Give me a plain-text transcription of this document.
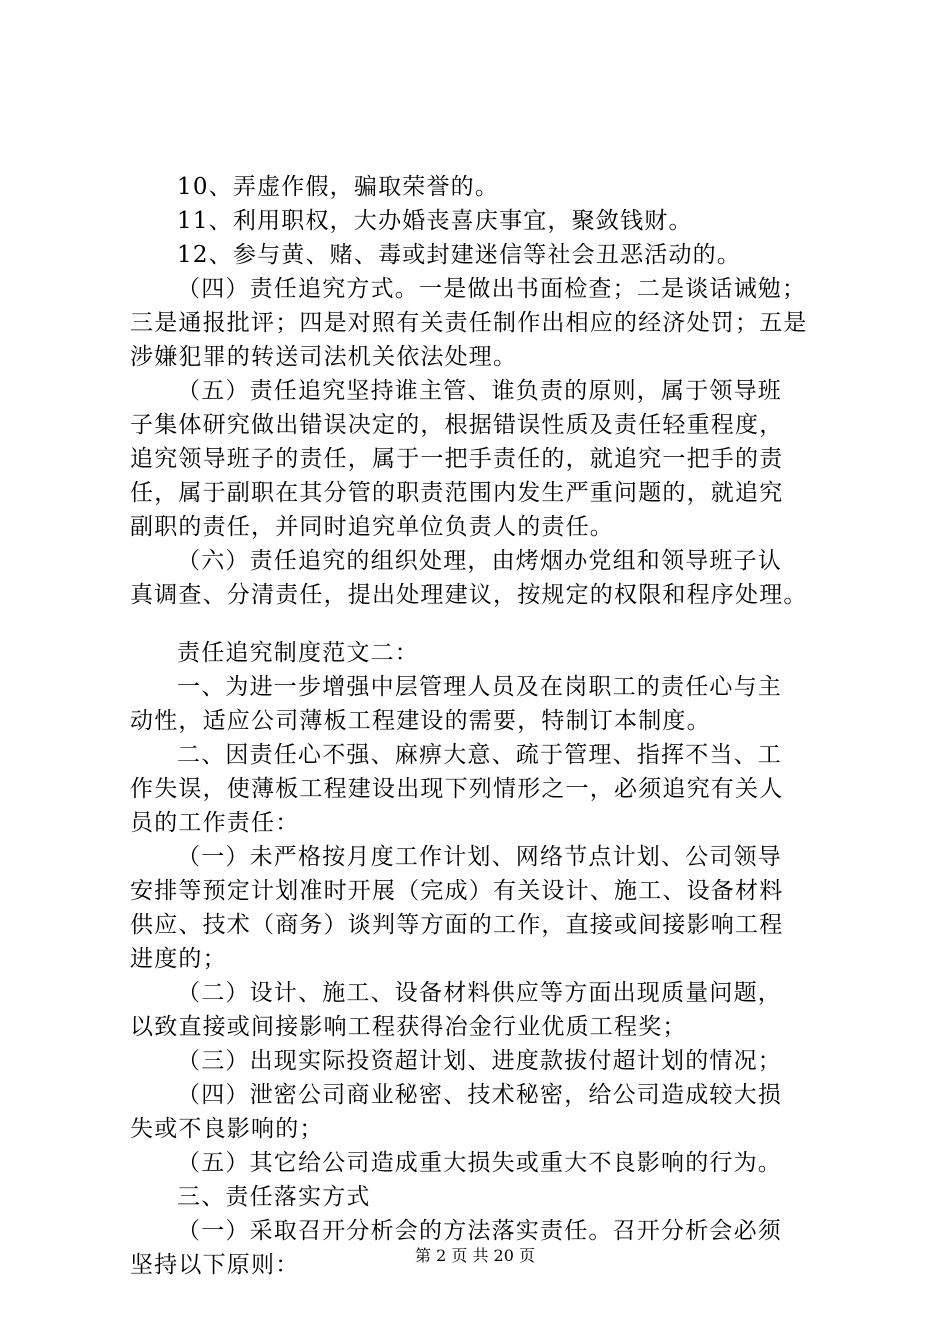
10、弄虚作假，骗取荣誉的。
11、利用职权，大办婚丧喜庆事宜，聚敛钱财。
12、参与黄、赌、毒或封建迷信等社会丑恶活动的。
（四）责任追究方式。一是做出书面检查；二是谈话诫勉；
三是通报批评；四是对照有关责任制作出相应的经济处罚；五是
涉嫌犯罪的转送司法机关依法处理。
（五）责任追究坚持谁主管、谁负责的原则，属于领导班
子集体研究做出错误决定的，根据错误性质及责任轻重程度，
追究领导班子的责任，属于一把手责任的，就追究一把手的责
任，属于副职在其分管的职责范围内发生严重问题的，就追究
副职的责任，并同时追究单位负责人的责任。
（六）责任追究的组织处理，由烤烟办党组和领导班子认
真调查、分清责任，提出处理建议，按规定的权限和程序处理。
责任追究制度范文二：
一、为进一步增强中层管理人员及在岗职工的责任心与主
动性，适应公司薄板工程建设的需要，特制订本制度。
二、因责任心不强、麻痹大意、疏于管理、指挥不当、工
作失误，使薄板工程建设出现下列情形之一，必须追究有关人
员的工作责任：
（一）未严格按月度工作计划、网络节点计划、公司领导
安排等预定计划准时开展（完成）有关设计、施工、设备材料
供应、技术（商务）谈判等方面的工作，直接或间接影响工程
进度的；
（二）设计、施工、设备材料供应等方面出现质量问题，
以致直接或间接影响工程获得冶金行业优质工程奖；
（三）出现实际投资超计划、进度款拔付超计划的情况；
（四）泄密公司商业秘密、技术秘密，给公司造成较大损
失或不良影响的；
（五）其它给公司造成重大损失或重大不良影响的行为。
三、责任落实方式
（一）采取召开分析会的方法落实责任。召开分析会必须
坚持以下原则：	第 2 页 共 20 页
